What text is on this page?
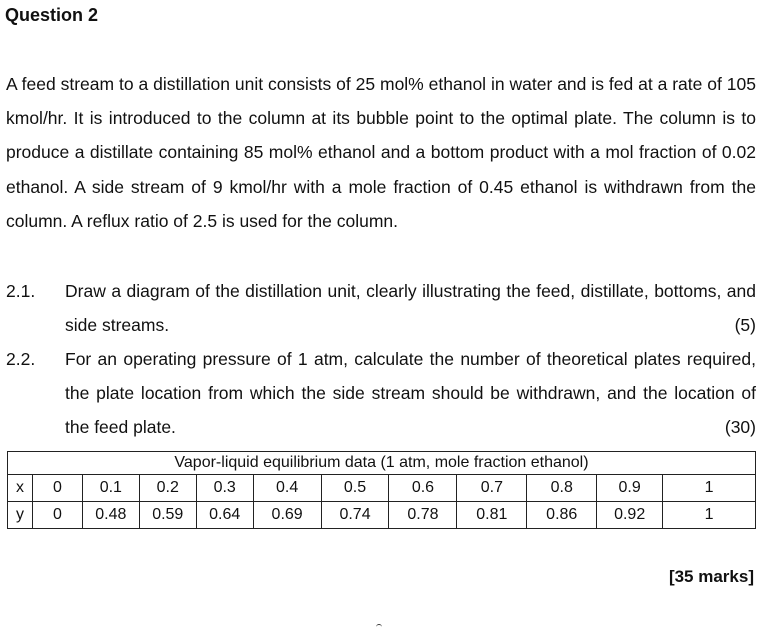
Question 2

A feed stream to a distillation unit consists of 25 mol% ethanol in water and is fed at a rate of 105 kmol/hr. It is introduced to the column at its bubble point to the optimal plate. The column is to produce a distillate containing 85 mol% ethanol and a bottom product with a mol fraction of 0.02 ethanol. A side stream of 9 kmol/hr with a mole fraction of 0.45 ethanol is withdrawn from the column. A reflux ratio of 2.5 is used for the column.

2.1. Draw a diagram of the distillation unit, clearly illustrating the feed, distillate, bottoms, and side streams.	(5)
2.2. For an operating pressure of 1 atm, calculate the number of theoretical plates required, the plate location from which the side stream should be withdrawn, and the location of the feed plate.	(30)
Vapor-liquid equilibrium data (1 atm, mole fraction ethanol)											
x	0	0.1	0.2	0.3	0.4	0.5	0.6	0.7	0.8	0.9	1
y	0	0.48	0.59	0.64	0.69	0.74	0.78	0.81	0.86	0.92	1
[35 marks]
